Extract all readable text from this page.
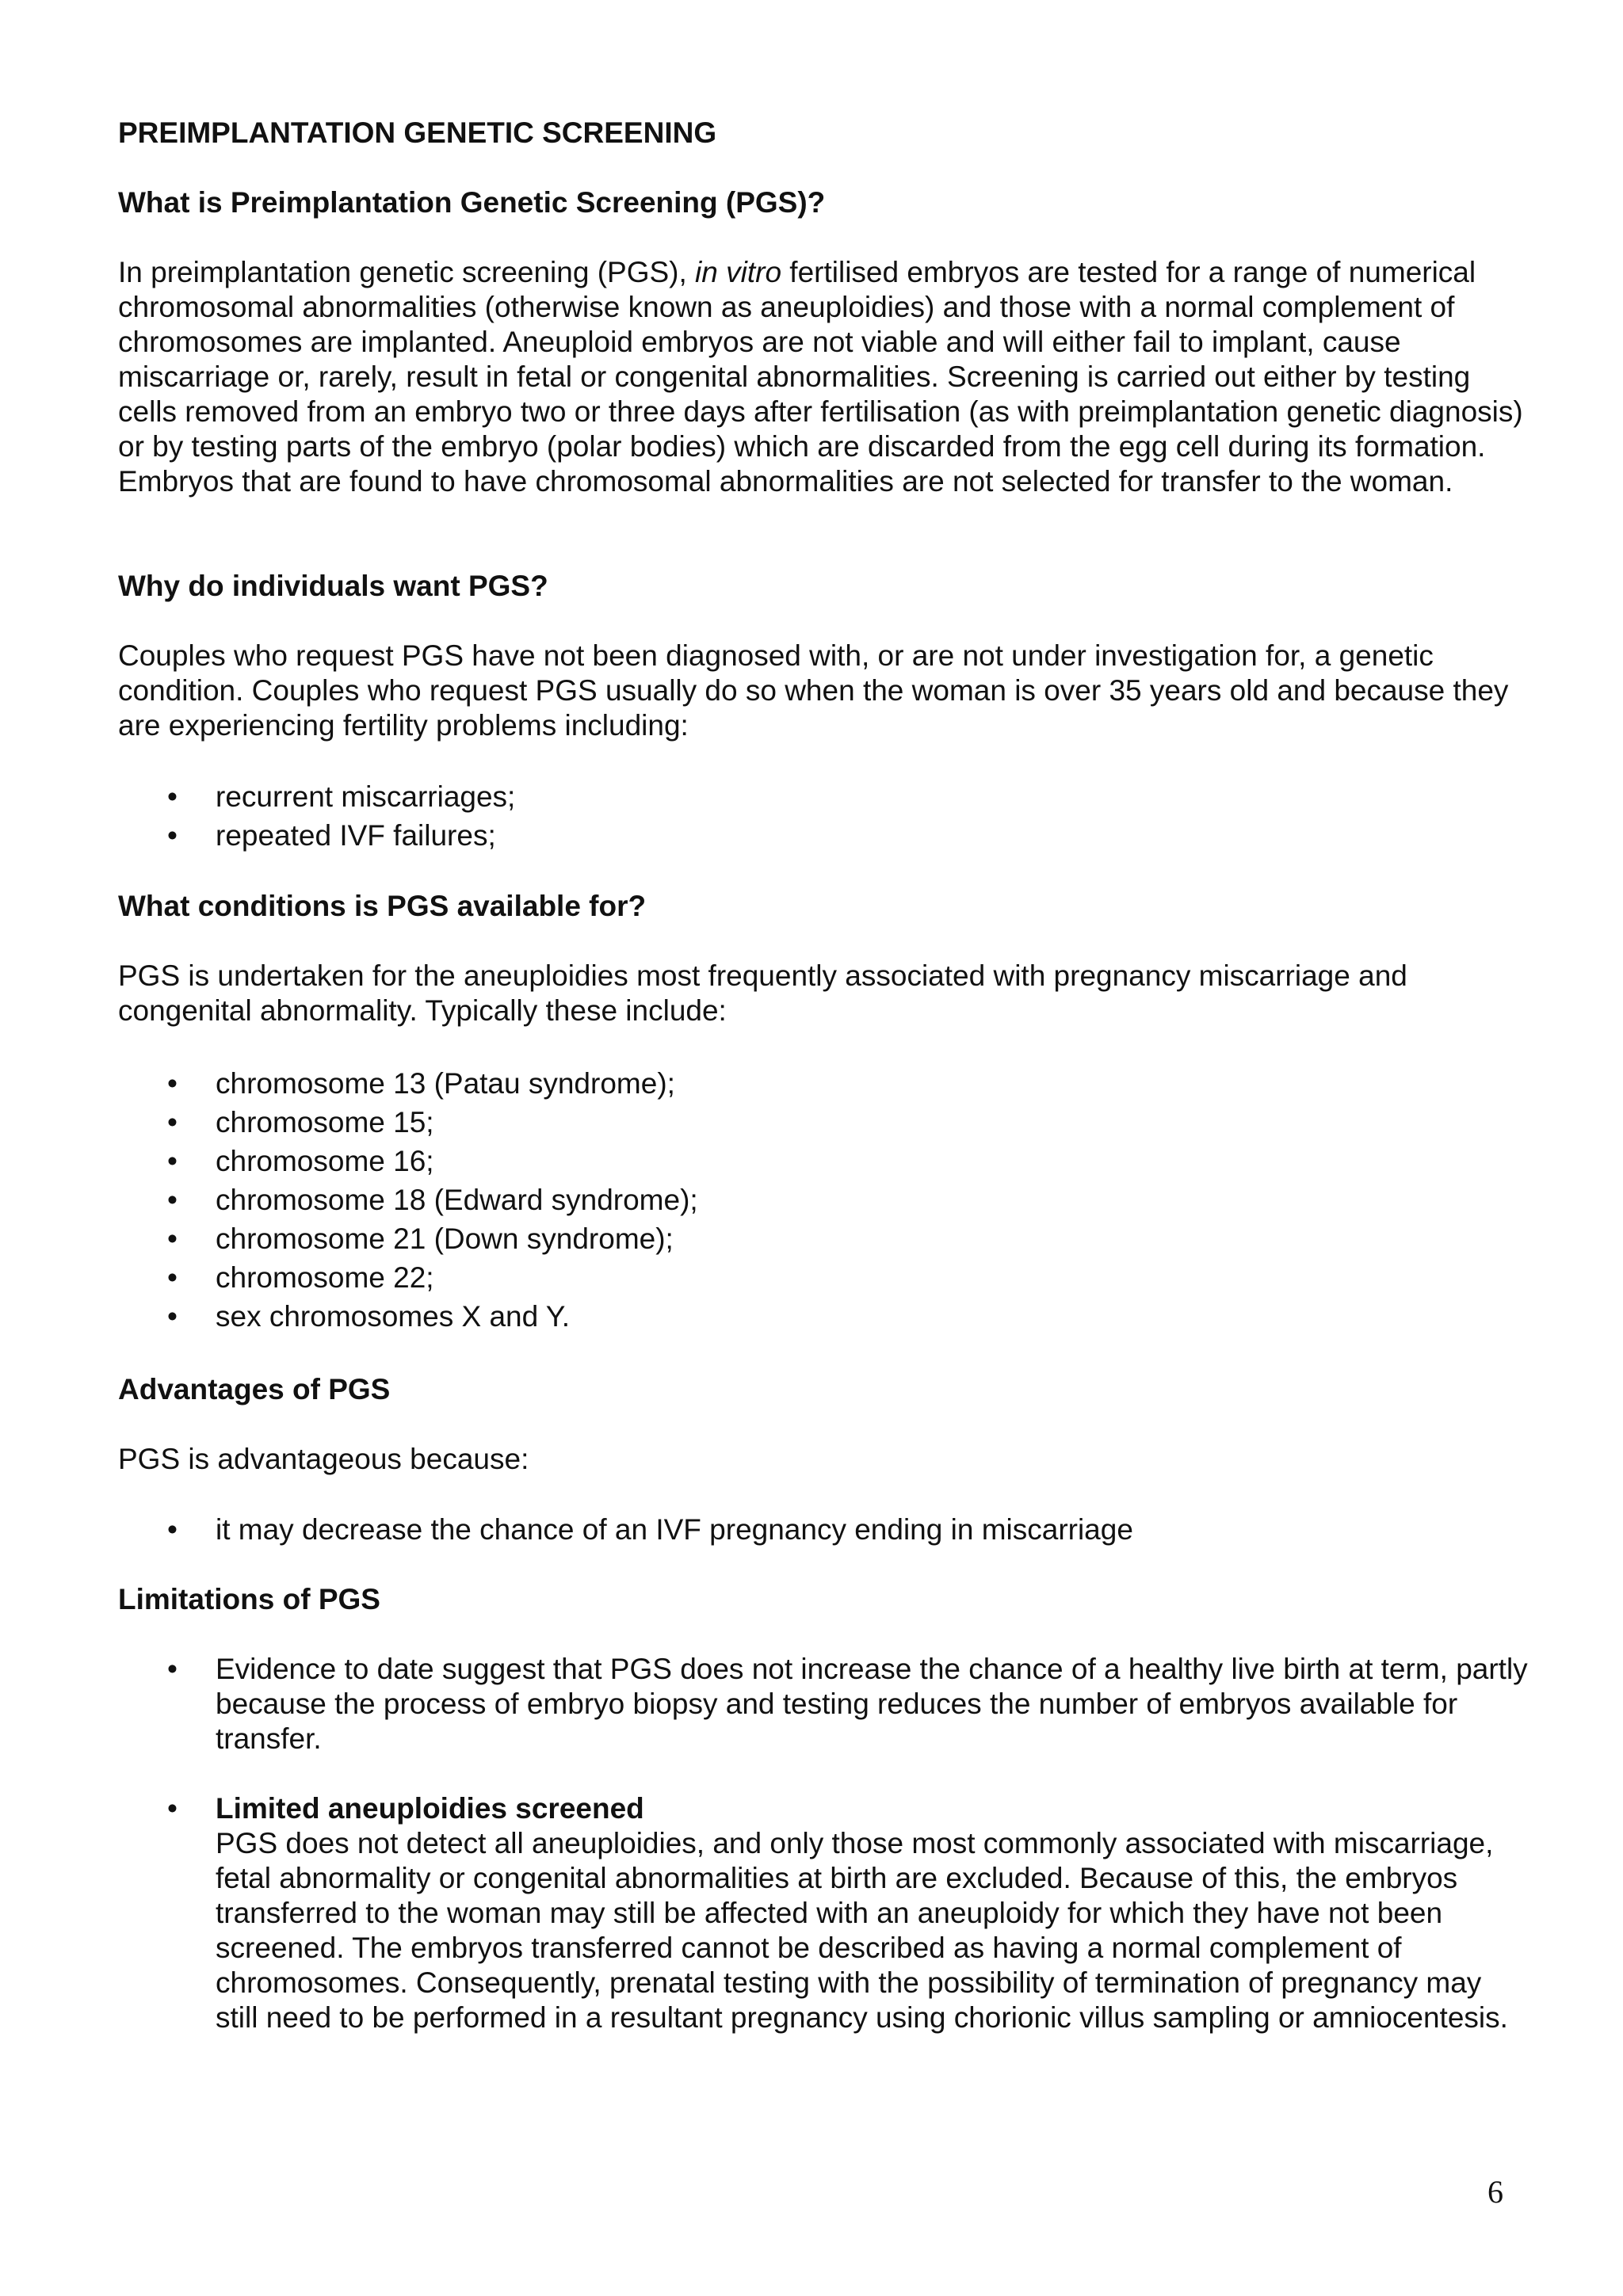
PREIMPLANTATION GENETIC SCREENING
What is Preimplantation Genetic Screening (PGS)?

In preimplantation genetic screening (PGS), in vitro fertilised embryos are tested for a range of numerical chromosomal abnormalities (otherwise known as aneuploidies) and those with a normal complement of chromosomes are implanted. Aneuploid embryos are not viable and will either fail to implant, cause miscarriage or, rarely, result in fetal or congenital abnormalities. Screening is carried out either by testing cells removed from an embryo two or three days after fertilisation (as with preimplantation genetic diagnosis) or by testing parts of the embryo (polar bodies) which are discarded from the egg cell during its formation. Embryos that are found to have chromosomal abnormalities are not selected for transfer to the woman.

Why do individuals want PGS?

Couples who request PGS have not been diagnosed with, or are not under investigation for, a genetic condition. Couples who request PGS usually do so when the woman is over 35 years old and because they are experiencing fertility problems including:

• recurrent miscarriages;
• repeated IVF failures;
What conditions is PGS available for?

PGS is undertaken for the aneuploidies most frequently associated with pregnancy miscarriage and congenital abnormality. Typically these include:

• chromosome 13 (Patau syndrome);
• chromosome 15;
• chromosome 16;
• chromosome 18 (Edward syndrome);
• chromosome 21 (Down syndrome);
• chromosome 22;
• sex chromosomes X and Y.
Advantages of PGS

PGS is advantageous because:

• it may decrease the chance of an IVF pregnancy ending in miscarriage
Limitations of PGS
• Evidence to date suggest that PGS does not increase the chance of a healthy live birth at term, partly because the process of embryo biopsy and testing reduces the number of embryos available for transfer.
• Limited aneuploidies screened
PGS does not detect all aneuploidies, and only those most commonly associated with miscarriage, fetal abnormality or congenital abnormalities at birth are excluded. Because of this, the embryos transferred to the woman may still be affected with an aneuploidy for which they have not been screened. The embryos transferred cannot be described as having a normal complement of chromosomes. Consequently, prenatal testing with the possibility of termination of pregnancy may still need to be performed in a resultant pregnancy using chorionic villus sampling or amniocentesis.
6
